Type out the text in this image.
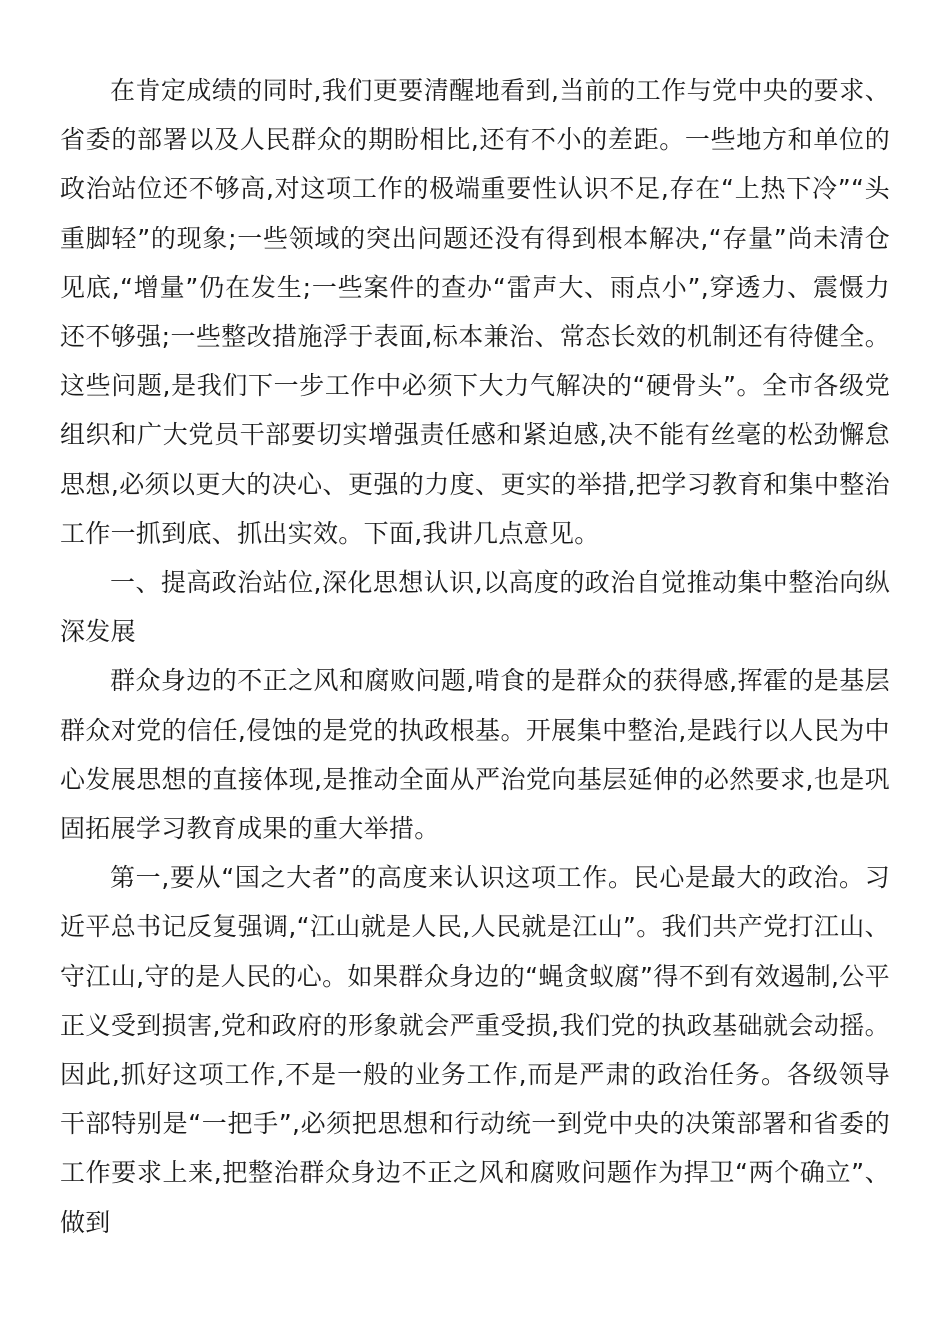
在肯定成绩的同时,我们更要清醒地看到,当前的工作与党中央的要求、省委的部署以及人民群众的期盼相比,还有不小的差距。一些地方和单位的政治站位还不够高,对这项工作的极端重要性认识不足,存在“上热下冷”“头重脚轻”的现象;一些领域的突出问题还没有得到根本解决,“存量”尚未清仓见底,“增量”仍在发生;一些案件的查办“雷声大、雨点小”,穿透力、震慑力还不够强;一些整改措施浮于表面,标本兼治、常态长效的机制还有待健全。这些问题,是我们下一步工作中必须下大力气解决的“硬骨头”。全市各级党组织和广大党员干部要切实增强责任感和紧迫感,决不能有丝毫的松劲懈怠思想,必须以更大的决心、更强的力度、更实的举措,把学习教育和集中整治工作一抓到底、抓出实效。下面,我讲几点意见。

一、提高政治站位,深化思想认识,以高度的政治自觉推动集中整治向纵深发展

群众身边的不正之风和腐败问题,啃食的是群众的获得感,挥霍的是基层群众对党的信任,侵蚀的是党的执政根基。开展集中整治,是践行以人民为中心发展思想的直接体现,是推动全面从严治党向基层延伸的必然要求,也是巩固拓展学习教育成果的重大举措。

第一,要从“国之大者”的高度来认识这项工作。民心是最大的政治。习近平总书记反复强调,“江山就是人民,人民就是江山”。我们共产党打江山、守江山,守的是人民的心。如果群众身边的“蝇贪蚁腐”得不到有效遏制,公平正义受到损害,党和政府的形象就会严重受损,我们党的执政基础就会动摇。因此,抓好这项工作,不是一般的业务工作,而是严肃的政治任务。各级领导干部特别是“一把手”,必须把思想和行动统一到党中央的决策部署和省委的工作要求上来,把整治群众身边不正之风和腐败问题作为捍卫“两个确立”、做到
